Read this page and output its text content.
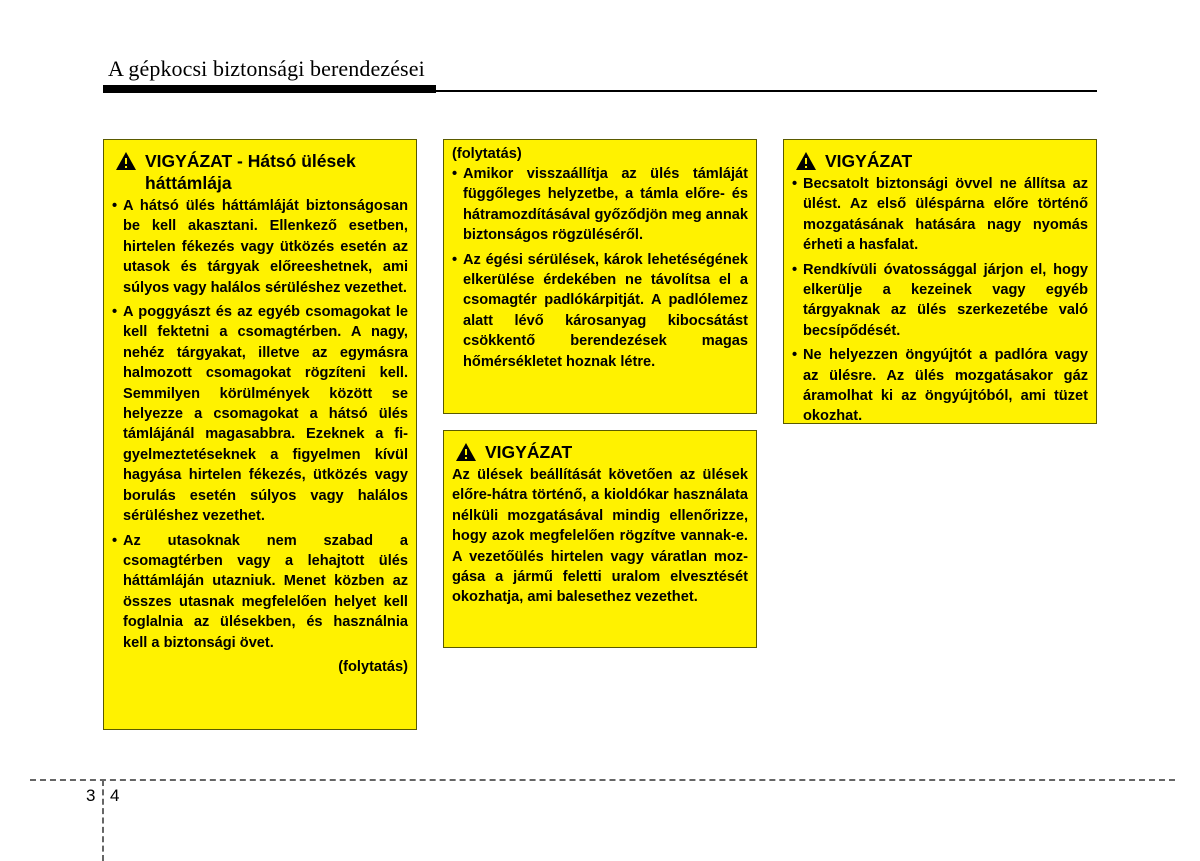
A gépkocsi biztonsági berendezései
VIGYÁZAT - Hátsó ülések háttámlája
• A hátsó ülés háttámláját biztonságosan be kell akasztani. Ellenkező esetben, hirtelen fékezés vagy ütközés esetén az utasok és tárgyak előreeshetnek, ami súlyos vagy halálos sérüléshez vezethet.
• A poggyászt és az egyéb csomagokat le kell fektetni a csomagtérben. A nagy, nehéz tárgyakat, illetve az egymásra halmozott csomagokat rögzíteni kell. Semmilyen körülmények között se helyezze a csomagokat a hátsó ülés támlájánál magasabbra. Ezeknek a figyelmeztetéseknek a figyelmen kívül hagyása hirtelen fékezés, ütközés vagy borulás esetén súlyos vagy halálos sérüléshez vezethet.
• Az utasoknak nem szabad a csomagtérben vagy a lehajtott ülés háttámláján utazniuk. Menet közben az összes utasnak megfelelően helyet kell foglalnia az ülésekben, és használnia kell a biztonsági övet.
(folytatás)
(folytatás)
• Amikor visszaállítja az ülés támláját függőleges helyzetbe, a támla előre- és hátramozdításával győződjön meg annak biztonságos rögzüléséről.
• Az égési sérülések, károk lehetéségének elkerülése érdekében ne távolítsa el a csomagtér padlókárpitját. A padlólemez alatt lévő károsanyag kibocsátást csökkentő berendezések magas hőmérsékletet hoznak létre.
VIGYÁZAT
Az ülések beállítását követően az ülések előre-hátra történő, a kioldókar használata nélküli mozgatásával mindig ellenőrizze, hogy azok megfelelően rögzítve vannak-e. A vezetőülés hirtelen vagy váratlan mozgása a jármű feletti uralom elvesztését okozhatja, ami balesethez vezethet.
VIGYÁZAT
• Becsatolt biztonsági övvel ne állítsa az ülést. Az első üléspárna előre történő mozgatásának hatására nagy nyomás érheti a hasfalat.
• Rendkívüli óvatossággal járjon el, hogy elkerülje a kezeinek vagy egyéb tárgyaknak az ülés szerkezetébe való becsípődését.
• Ne helyezzen öngyújtót a padlóra vagy az ülésre. Az ülés mozgatásakor gáz áramolhat ki az öngyújtóból, ami tüzet okozhat.
3 4
